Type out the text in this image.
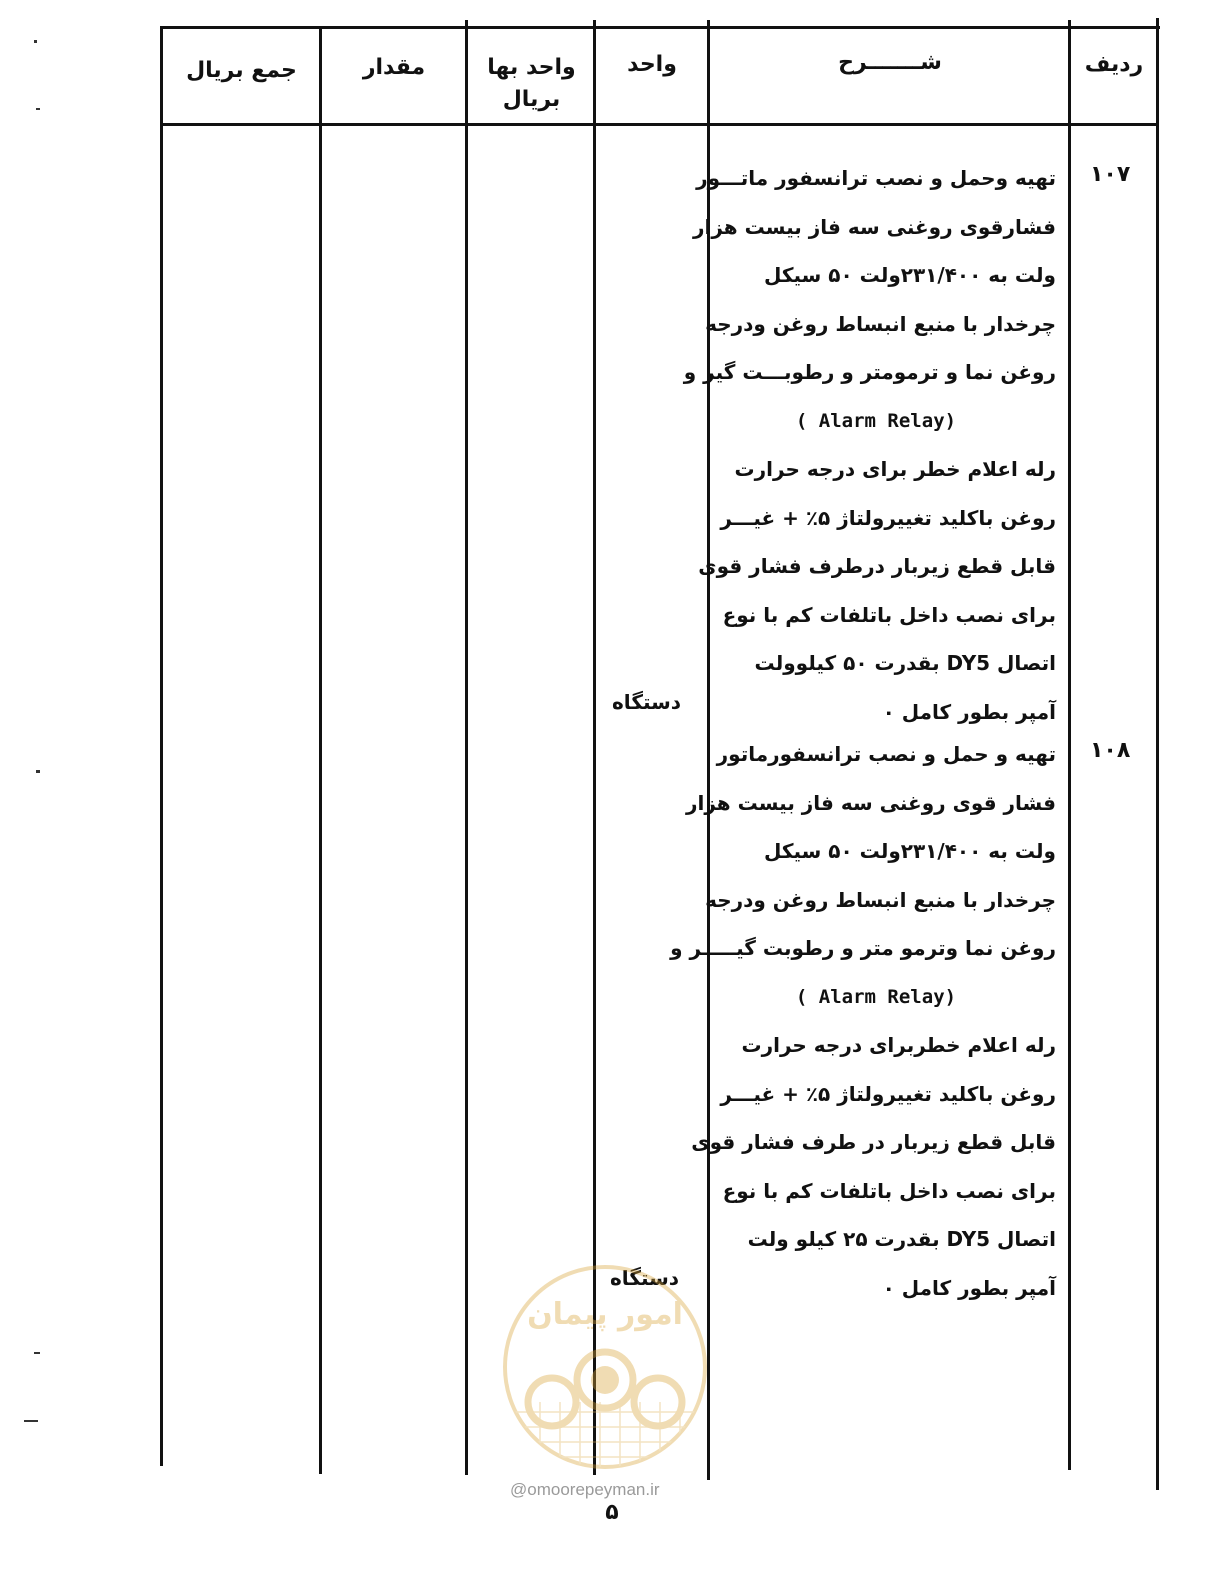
ردیف
شـــــــرح
واحد
واحد بها
بریال
مقدار
جمع بریال
۱۰۷
تهیه وحمل و نصب ترانسفور ماتـــور
فشارقوی روغنی سه فاز بیست هزار
ولت به ۲۳۱/۴۰۰ولت ۵۰ سیکل
چرخدار با منبع انبساط روغن ودرجه
روغن نما و ترمومتر و رطوبـــت گیر و
( Alarm Relay)
رله اعلام خطر برای درجه حرارت
روغن باکلید تغییرولتاژ ۵٪ + غیـــر
قابل قطع زیربار درطرف فشار قوی
برای نصب داخل باتلفات کم با نوع
اتصال DY5 بقدرت ۵۰ کیلوولت
آمپر بطور کامل ٠
دستگاه
۱۰۸
تهیه و حمل و نصب ترانسفورماتور
فشار قوی روغنی سه فاز بیست هزار
ولت به ۲۳۱/۴۰۰ولت ۵۰ سیکل
چرخدار با منبع انبساط روغن ودرجه
روغن نما وترمو متر و رطوبت گیـــــر و
( Alarm Relay)
رله اعلام خطربرای درجه حرارت
روغن باکلید تغییرولتاژ ۵٪ + غیـــر
قابل قطع زیربار در طرف فشار قوی
برای نصب داخل باتلفات کم با نوع
اتصال DY5 بقدرت ۲۵ کیلو ولت
آمپر بطور کامل ٠
دستگاه
امور پیمان
@omoorepeyman.ir
۵
